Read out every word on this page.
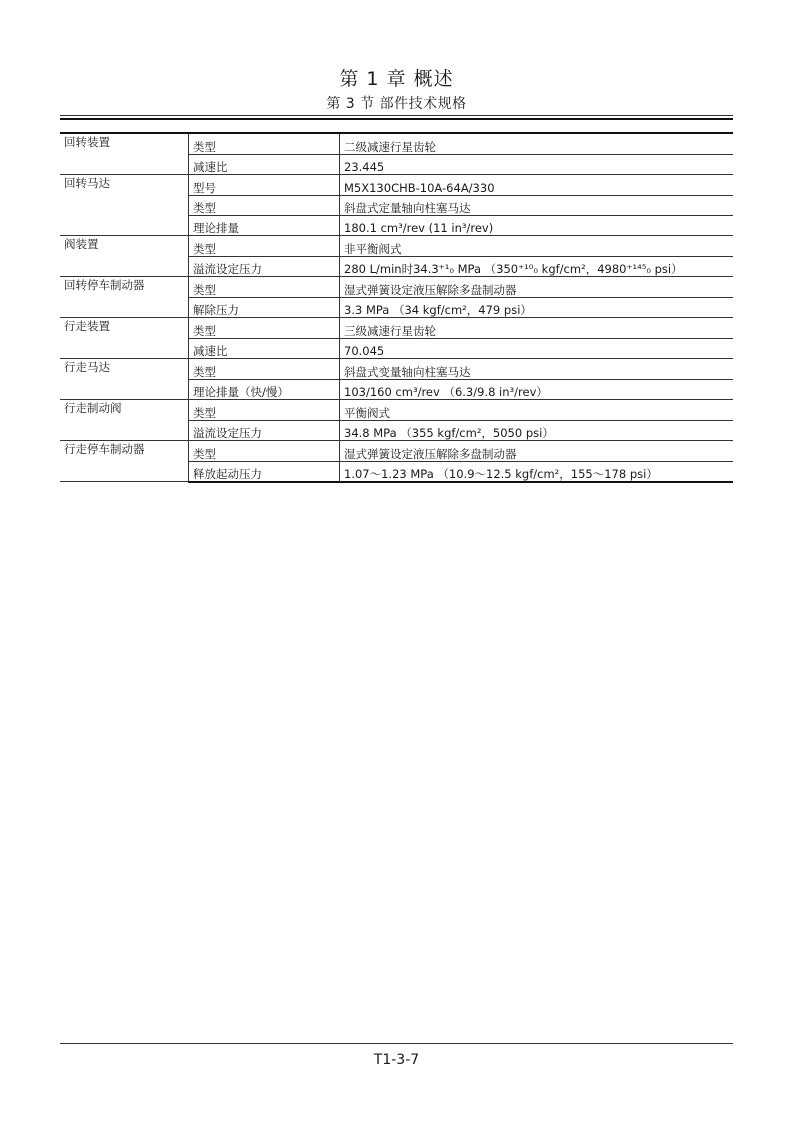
第 1 章 概述
第 3 节 部件技术规格
回转装置	类型	二级减速行星齿轮
	减速比	23.445
回转马达	型号	M5X130CHB-10A-64A/330
	类型	斜盘式定量轴向柱塞马达
	理论排量	180.1 cm³/rev (11 in³/rev)
阀装置	类型	非平衡阀式
	溢流设定压力	280 L/min时34.3⁺¹₀ MPa （350⁺¹⁰₀ kgf/cm²，4980⁺¹⁴⁵₀ psi）
回转停车制动器	类型	湿式弹簧设定液压解除多盘制动器
	解除压力	3.3 MPa （34 kgf/cm²，479 psi）
行走装置	类型	三级减速行星齿轮
	减速比	70.045
行走马达	类型	斜盘式变量轴向柱塞马达
	理论排量（快/慢）	103/160 cm³/rev （6.3/9.8 in³/rev）
行走制动阀	类型	平衡阀式
	溢流设定压力	34.8 MPa （355 kgf/cm²，5050 psi）
行走停车制动器	类型	湿式弹簧设定液压解除多盘制动器
	释放起动压力	1.07～1.23 MPa （10.9～12.5 kgf/cm²，155～178 psi）
T1-3-7
